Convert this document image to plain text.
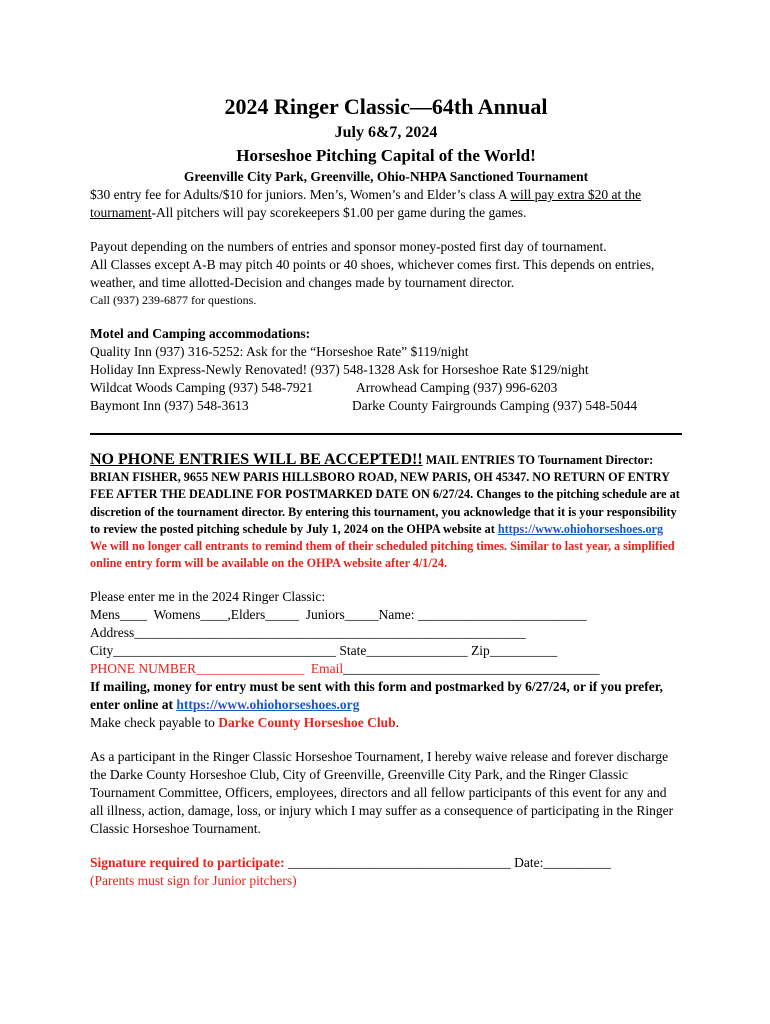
2024 Ringer Classic—64th Annual

July 6&7, 2024

Horseshoe Pitching Capital of the World!

Greenville City Park, Greenville, Ohio-NHPA Sanctioned Tournament

$30 entry fee for Adults/$10 for juniors. Men’s, Women’s and Elder’s class A will pay extra $20 at the tournament-All pitchers will pay scorekeepers $1.00 per game during the games.

Payout depending on the numbers of entries and sponsor money-posted first day of tournament.

All Classes except A-B may pitch 40 points or 40 shoes, whichever comes first. This depends on entries, weather, and time allotted-Decision and changes made by tournament director.

Call (937) 239-6877 for questions.

Motel and Camping accommodations:

Quality Inn (937) 316-5252: Ask for the “Horseshoe Rate” $119/night

Holiday Inn Express-Newly Renovated! (937) 548-1328 Ask for Horseshoe Rate $129/night

Wildcat Woods Camping (937) 548-7921	Arrowhead Camping (937) 996-6203

Baymont Inn (937) 548-3613	Darke County Fairgrounds Camping (937) 548-5044

NO PHONE ENTRIES WILL BE ACCEPTED!! MAIL ENTRIES TO Tournament Director: BRIAN FISHER, 9655 NEW PARIS HILLSBORO ROAD, NEW PARIS, OH 45347. NO RETURN OF ENTRY FEE AFTER THE DEADLINE FOR POSTMARKED DATE ON 6/27/24. Changes to the pitching schedule are at discretion of the tournament director. By entering this tournament, you acknowledge that it is your responsibility to review the posted pitching schedule by July 1, 2024 on the OHPA website at https://www.ohiohorseshoes.org We will no longer call entrants to remind them of their scheduled pitching times. Similar to last year, a simplified online entry form will be available on the OHPA website after 4/1/24.

Please enter me in the 2024 Ringer Classic:

Mens____  Womens____,Elders_____  Juniors_____Name: _________________________

Address__________________________________________________________

City_________________________________ State_______________ Zip__________

PHONE NUMBER________________  Email______________________________________

If mailing, money for entry must be sent with this form and postmarked by 6/27/24, or if you prefer, enter online at https://www.ohiohorseshoes.org

Make check payable to Darke County Horseshoe Club.

As a participant in the Ringer Classic Horseshoe Tournament, I hereby waive release and forever discharge the Darke County Horseshoe Club, City of Greenville, Greenville City Park, and the Ringer Classic Tournament Committee, Officers, employees, directors and all fellow participants of this event for any and all illness, action, damage, loss, or injury which I may suffer as a consequence of participating in the Ringer Classic Horseshoe Tournament.

Signature required to participate: _________________________________ Date:__________

(Parents must sign for Junior pitchers)
